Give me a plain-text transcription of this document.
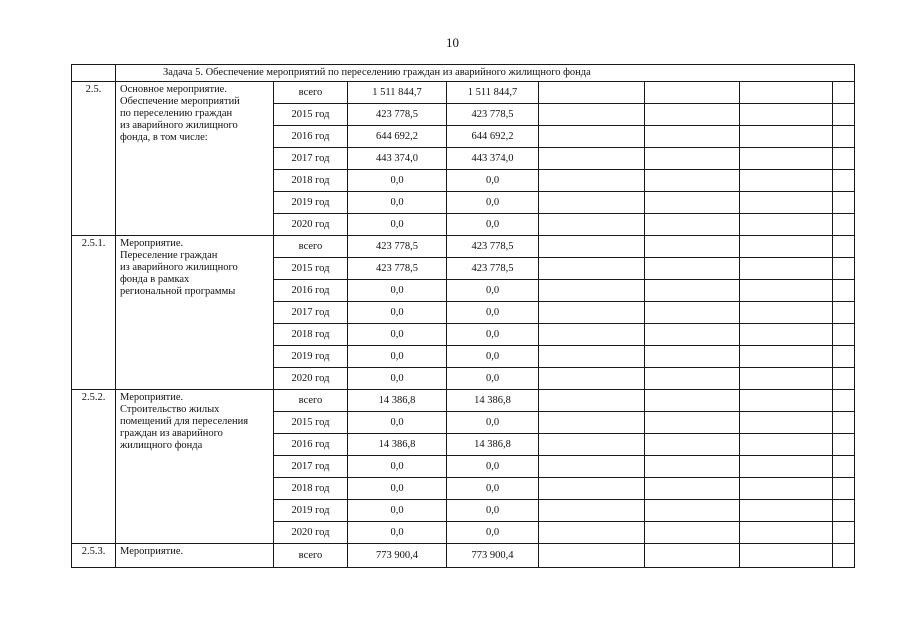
10
	Задача 5. Обеспечение мероприятий по переселению граждан из аварийного жилищного фонда							
2.5.	Основное мероприятие.
Обеспечение мероприятий
по переселению граждан
из аварийного жилищного
фонда, в том числе:	всего	1 511 844,7	1 511 844,7				
		2015 год	423 778,5	423 778,5				
		2016 год	644 692,2	644 692,2				
		2017 год	443 374,0	443 374,0				
		2018 год	0,0	0,0				
		2019 год	0,0	0,0				
		2020 год	0,0	0,0				
2.5.1.	Мероприятие.
Переселение граждан
из аварийного жилищного
фонда в рамках
региональной программы	всего	423 778,5	423 778,5				
		2015 год	423 778,5	423 778,5				
		2016 год	0,0	0,0				
		2017 год	0,0	0,0				
		2018 год	0,0	0,0				
		2019 год	0,0	0,0				
		2020 год	0,0	0,0				
2.5.2.	Мероприятие.
Строительство жилых
помещений для переселения
граждан из аварийного
жилищного фонда	всего	14 386,8	14 386,8				
		2015 год	0,0	0,0				
		2016 год	14 386,8	14 386,8				
		2017 год	0,0	0,0				
		2018 год	0,0	0,0				
		2019 год	0,0	0,0				
		2020 год	0,0	0,0				
2.5.3.	Мероприятие.	всего	773 900,4	773 900,4				
